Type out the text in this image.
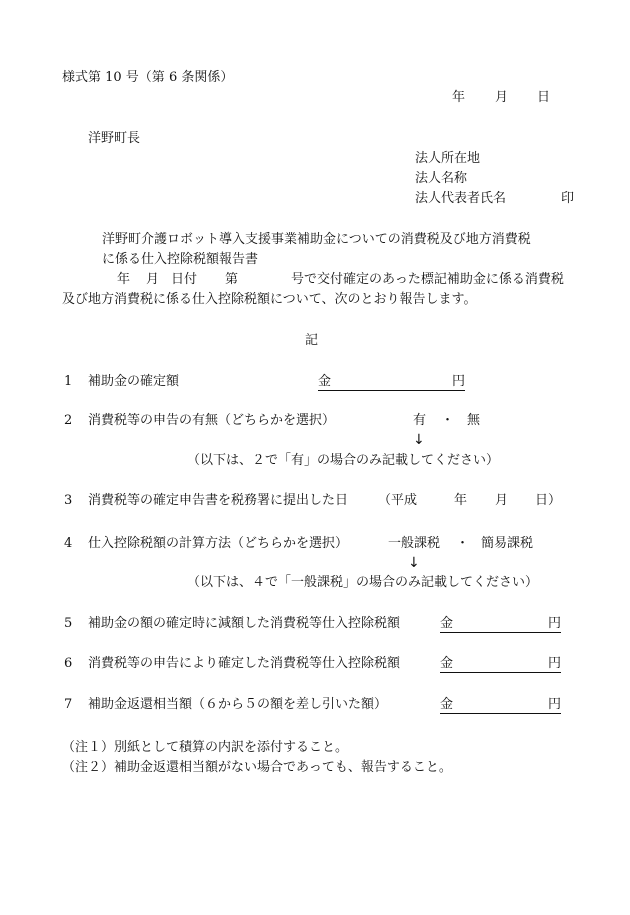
様式第 10 号（第 6 条関係）
年 月 日
洋野町長
法人所在地
法人名称
法人代表者氏名	印
洋野町介護ロボット導入支援事業補助金についての消費税及び地方消費税
に係る仕入控除税額報告書
年 月 日付 第	号で交付確定のあった標記補助金に係る消費税
及び地方消費税に係る仕入控除税額について、次のとおり報告します。
記
1 補助金の確定額	金	円
2 消費税等の申告の有無（どちらかを選択）	有 ・ 無
↓
（以下は、２で「有」の場合のみ記載してください）
3 消費税等の確定申告書を税務署に提出した日 （平成	年 月 日）
4 仕入控除税額の計算方法（どちらかを選択）	一般課税 ・ 簡易課税
↓
（以下は、４で「一般課税」の場合のみ記載してください）
5 補助金の額の確定時に減額した消費税等仕入控除税額	金	円
6 消費税等の申告により確定した消費税等仕入控除税額	金	円
7 補助金返還相当額（６から５の額を差し引いた額）	金	円
（注１）別紙として積算の内訳を添付すること。
（注２）補助金返還相当額がない場合であっても、報告すること。
